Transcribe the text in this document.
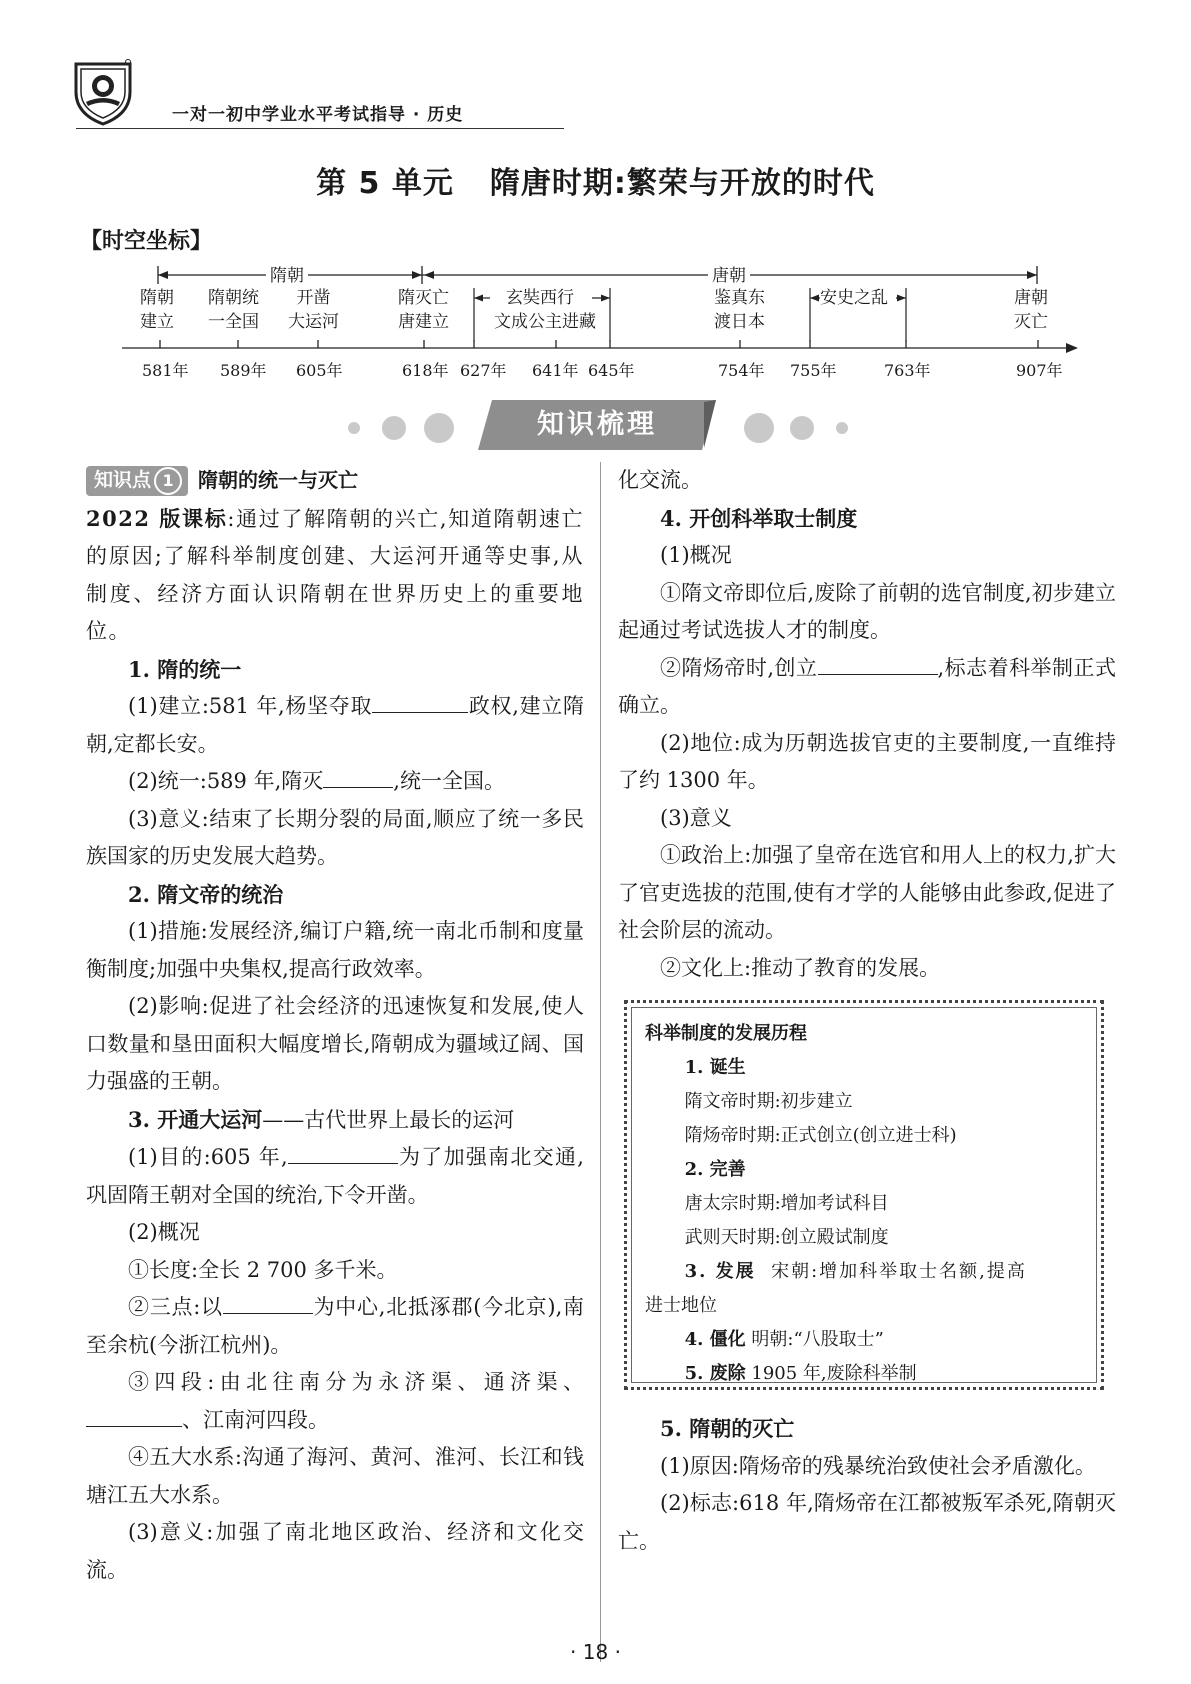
一对一初中学业水平考试指导 · 历史
第 5 单元 隋唐时期:繁荣与开放的时代
【时空坐标】
隋朝	唐朝
隋朝
建立
隋朝统
一全国
开凿
大运河
隋灭亡
唐建立
玄奘西行
文成公主进藏
鉴真东
渡日本
安史之乱	唐朝
灭亡
581年 589年 605年	618年 627年 641年 645年	754年 755年	763年	907年
知识梳理
知识点 1	隋朝的统一与灭亡

2022 版课标:通过了解隋朝的兴亡,知道隋朝速亡的原因;了解科举制度创建、大运河开通等史事,从制度、经济方面认识隋朝在世界历史上的重要地位。

1. 隋的统一

(1)建立:581 年,杨坚夺取	政权,建立隋朝,定都长安。

(2)统一:589 年,隋灭	,统一全国。

(3)意义:结束了长期分裂的局面,顺应了统一多民族国家的历史发展大趋势。

2. 隋文帝的统治

(1)措施:发展经济,编订户籍,统一南北币制和度量衡制度;加强中央集权,提高行政效率。

(2)影响:促进了社会经济的迅速恢复和发展,使人口数量和垦田面积大幅度增长,隋朝成为疆域辽阔、国力强盛的王朝。

3. 开通大运河——古代世界上最长的运河

(1)目的:605 年,	为了加强南北交通,巩固隋王朝对全国的统治,下令开凿。

(2)概况

①长度:全长 2 700 多千米。

②三点:以	为中心,北抵涿郡(今北京),南至余杭(今浙江杭州)。

③四段:由北往南分为永济渠、通济渠、、江南河四段。

④五大水系:沟通了海河、黄河、淮河、长江和钱塘江五大水系。

(3)意义:加强了南北地区政治、经济和文化交流。

化交流。

4. 开创科举取士制度

(1)概况

①隋文帝即位后,废除了前朝的选官制度,初步建立起通过考试选拔人才的制度。

②隋炀帝时,创立	,标志着科举制正式确立。

(2)地位:成为历朝选拔官吏的主要制度,一直维持了约 1300 年。

(3)意义

①政治上:加强了皇帝在选官和用人上的权力,扩大了官吏选拔的范围,使有才学的人能够由此参政,促进了社会阶层的流动。

②文化上:推动了教育的发展。

科举制度的发展历程

1. 诞生

隋文帝时期:初步建立

隋炀帝时期:正式创立(创立进士科)

2. 完善

唐太宗时期:增加考试科目

武则天时期:创立殿试制度

3. 发展 宋朝:增加科举取士名额,提高

进士地位

4. 僵化 明朝:“八股取士”

5. 废除 1905 年,废除科举制

5. 隋朝的灭亡

(1)原因:隋炀帝的残暴统治致使社会矛盾激化。

(2)标志:618 年,隋炀帝在江都被叛军杀死,隋朝灭亡。

· 18 ·
